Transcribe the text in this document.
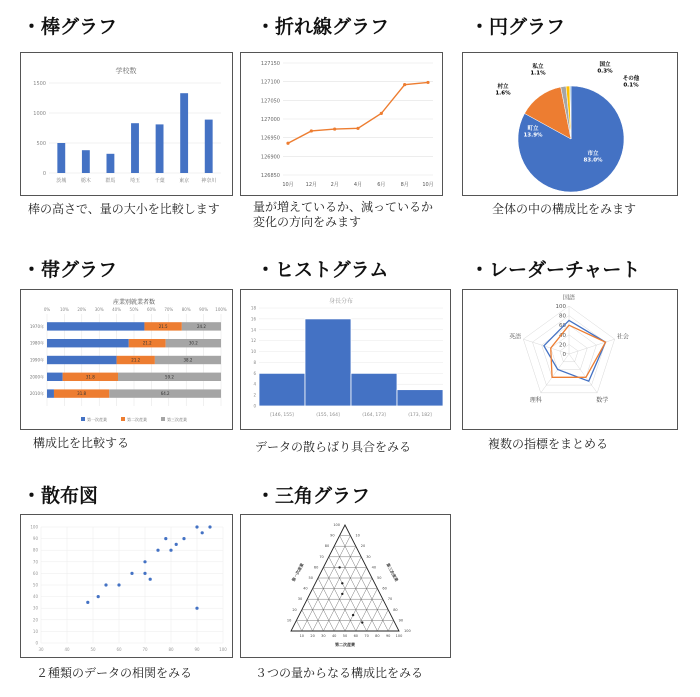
・棒グラフ	・折れ線グラフ	・円グラフ
・帯グラフ	・ヒストグラム	・レーダーチャート
・散布図	・三角グラフ
学校数
0
500
1000
1500
茨城	栃木	群馬	埼玉	千葉	東京 神奈川
126850
126900
126950
127000
127050
127100
127150
10月 12月	2月	4月	6月	8月	10月
市立 83.0%
町立 13.9%
村立 1.6%
私立 1.1%
国立 0.3%
その他 0.1%
産業別就業者数
0% 10% 20% 30% 40% 50% 60% 70% 80% 90% 100%
1970年	21.5	24.2
1980年	21.2	30.2
1990年	21.2	38.2
2000年	31.8	59.2
2010年	31.8	64.2
第一次産業	第二次産業	第三次産業
身長分布
0
2
4
6
8
10
12
14
16
18
[146, 155]	(155, 164]	(164, 173]	(173, 182]
国語
社会
数学
理科
英語
0
20
40
60
80
100
0
10
20
30
40
50
60
70
80
90
100
30	40	50	60	70	80	90	100
10
10
10
20
20
20
30
30
30
40
40
40
50
50	50
60
60
60
70
70
70
80
80
80
90
90
90
100
100
100
第一次産業
第二次産業
第三次産業
棒の高さで、量の大小を比較します	量が増えているか、減っているか
変化の方向をみます
全体の中の構成比をみます
構成比を比較する	データの散らばり具合をみる	複数の指標をまとめる
２種類のデータの相関をみる	３つの量からなる構成比をみる
